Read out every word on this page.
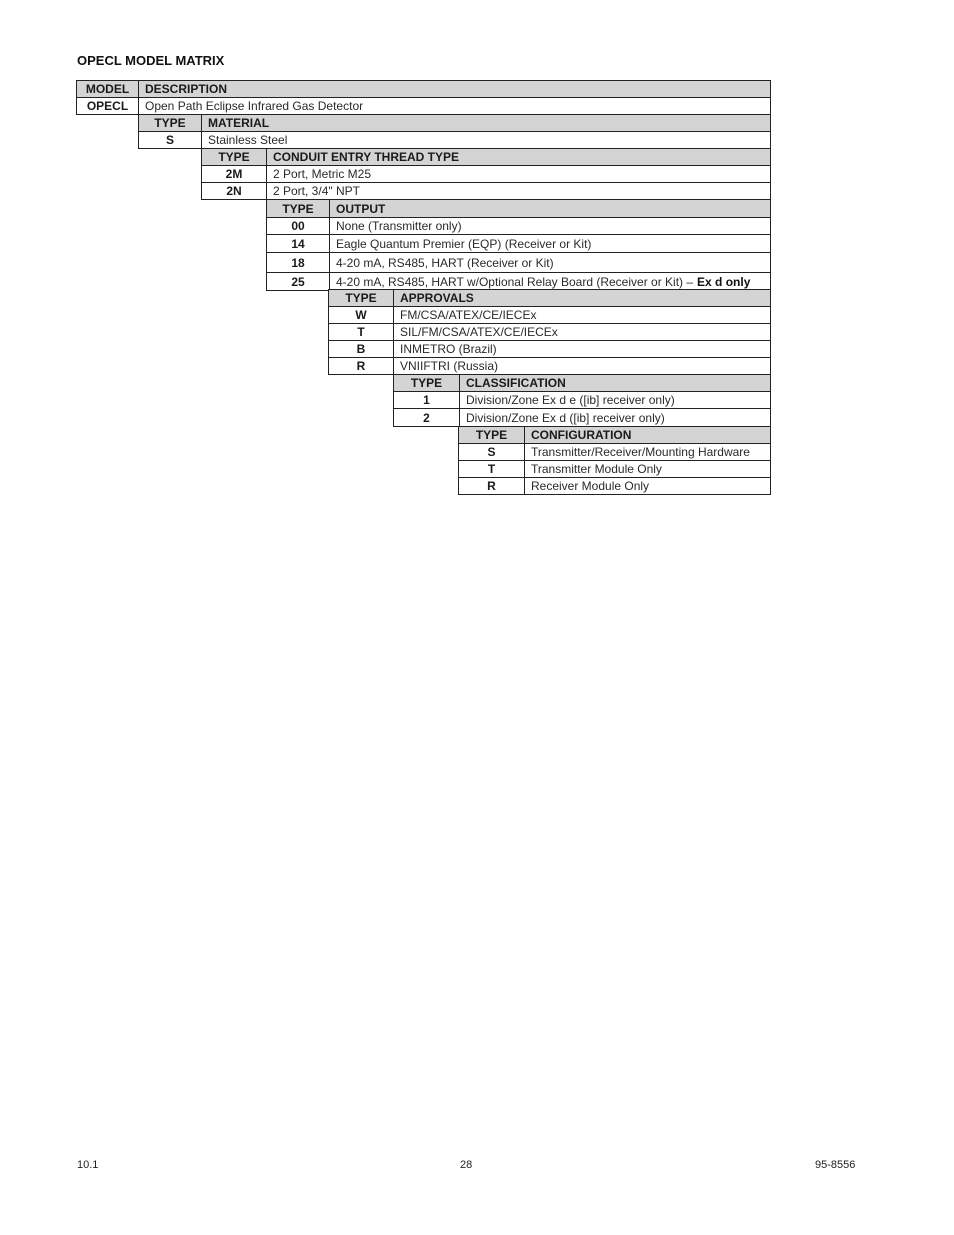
OPECL MODEL MATRIX
MODEL	DESCRIPTION
OPECL	Open Path Eclipse Infrared Gas Detector
TYPE	MATERIAL
S	Stainless Steel
TYPE	CONDUIT ENTRY THREAD TYPE
2M	2 Port, Metric M25
2N	2 Port, 3/4" NPT
TYPE	OUTPUT
00	None (Transmitter only)
14	Eagle Quantum Premier (EQP) (Receiver or Kit)
18	4-20 mA, RS485, HART (Receiver or Kit)
25	4-20 mA, RS485, HART w/Optional Relay Board (Receiver or Kit) – Ex d only
TYPE	APPROVALS
W	FM/CSA/ATEX/CE/IECEx
T	SIL/FM/CSA/ATEX/CE/IECEx
B	INMETRO (Brazil)
R	VNIIFTRI (Russia)
TYPE	CLASSIFICATION
1	Division/Zone Ex d e ([ib] receiver only)
2	Division/Zone Ex d ([ib] receiver only)
TYPE	CONFIGURATION
S	Transmitter/Receiver/Mounting Hardware
T	Transmitter Module Only
R	Receiver Module Only
10.1	28	95-8556
